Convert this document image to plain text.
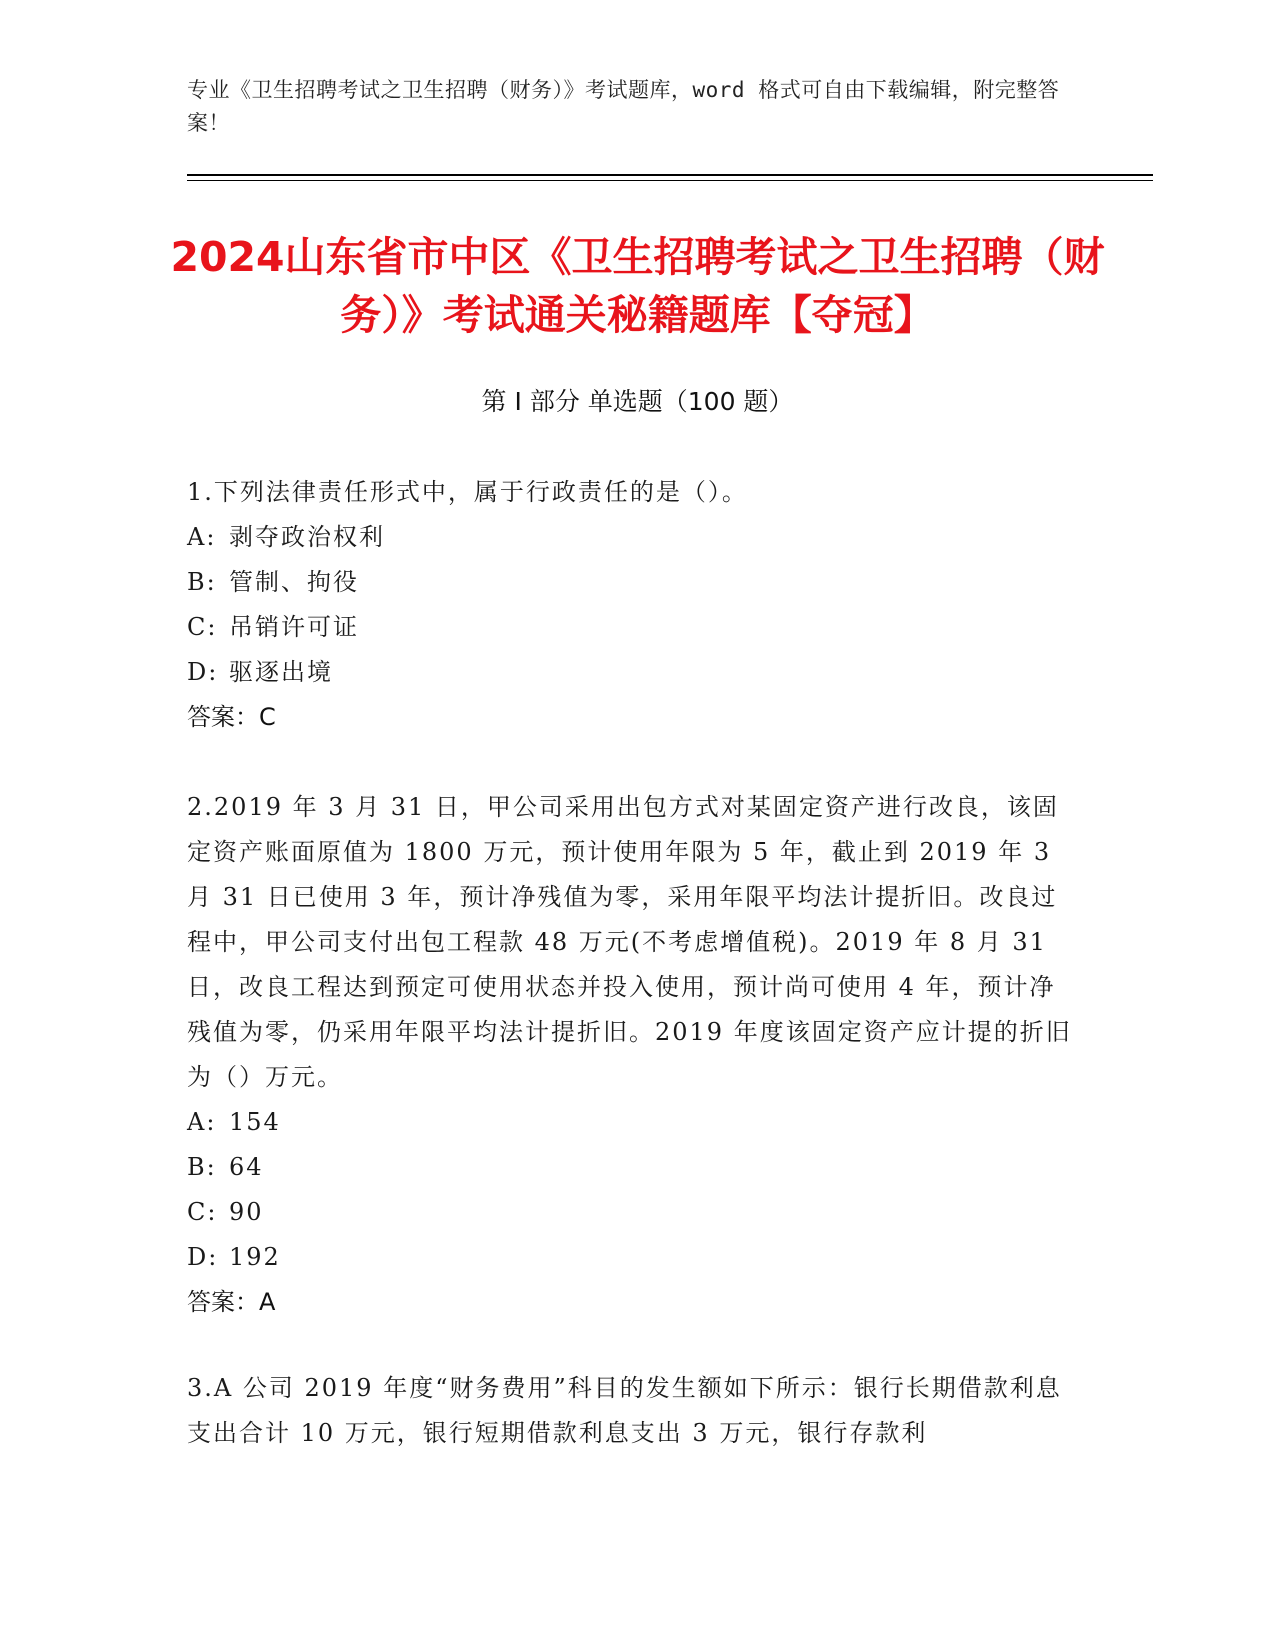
专业《卫生招聘考试之卫生招聘（财务）》考试题库，word 格式可自由下载编辑，附完整答案！
2024山东省市中区《卫生招聘考试之卫生招聘（财务）》考试通关秘籍题库【夺冠】
第 I 部分 单选题（100 题）

1.下列法律责任形式中，属于行政责任的是（）。

A: 剥夺政治权利
B: 管制、拘役
C: 吊销许可证
D: 驱逐出境
答案：C

2.2019 年 3 月 31 日，甲公司采用出包方式对某固定资产进行改良，该固定资产账面原值为 1800 万元，预计使用年限为 5 年，截止到 2019 年 3 月 31 日已使用 3 年，预计净残值为零，采用年限平均法计提折旧。改良过程中，甲公司支付出包工程款 48 万元(不考虑增值税)。2019 年 8 月 31 日，改良工程达到预定可使用状态并投入使用，预计尚可使用 4 年，预计净残值为零，仍采用年限平均法计提折旧。2019 年度该固定资产应计提的折旧为（）万元。

A: 154
B: 64
C: 90
D: 192
答案：A

3.A 公司 2019 年度“财务费用”科目的发生额如下所示：银行长期借款利息支出合计 10 万元，银行短期借款利息支出 3 万元，银行存款利
